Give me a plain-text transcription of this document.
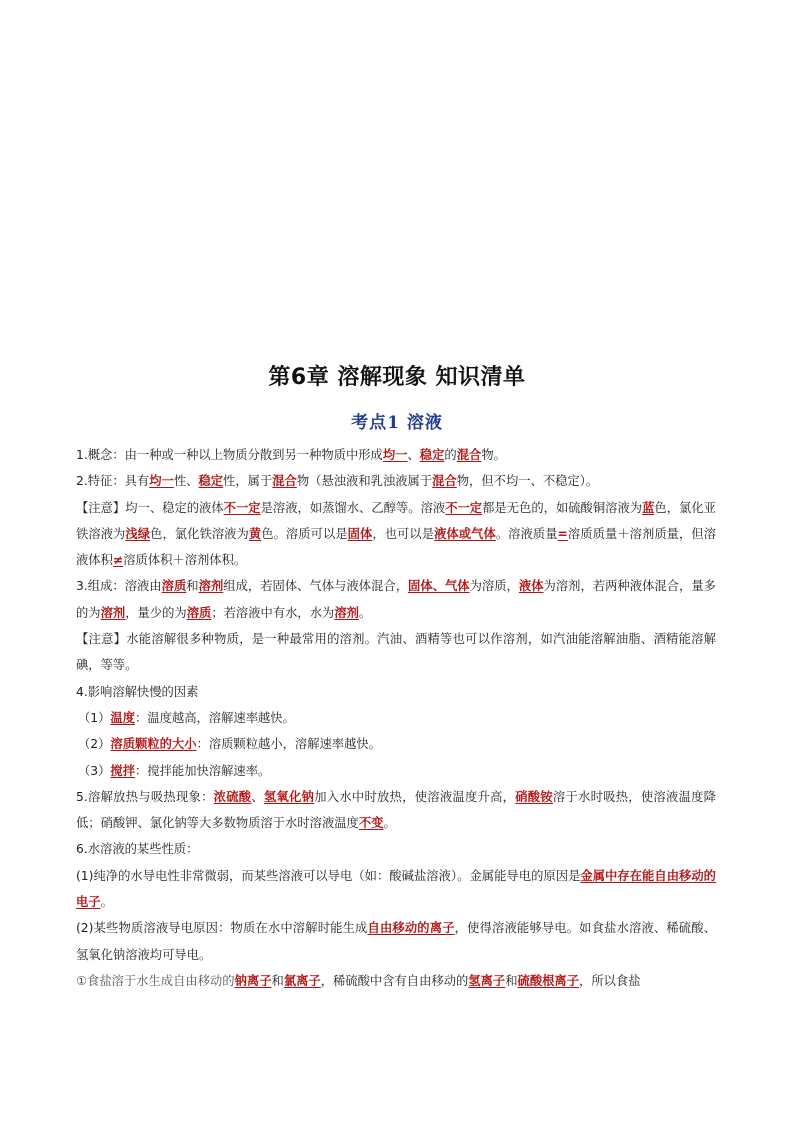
第6章 溶解现象 知识清单
考点1 溶液

1.概念：由一种或一种以上物质分散到另一种物质中形成均一、稳定的混合物。

2.特征：具有均一性、稳定性，属于混合物（悬浊液和乳浊液属于混合物，但不均一、不稳定）。

【注意】均一、稳定的液体不一定是溶液，如蒸馏水、乙醇等。溶液不一定都是无色的，如硫酸铜溶液为蓝色，氯化亚铁溶液为浅绿色，氯化铁溶液为黄色。溶质可以是固体，也可以是液体或气体。溶液质量=溶质质量＋溶剂质量，但溶液体积≠溶质体积＋溶剂体积。

3.组成：溶液由溶质和溶剂组成，若固体、气体与液体混合，固体、气体为溶质，液体为溶剂，若两种液体混合，量多的为溶剂，量少的为溶质；若溶液中有水，水为溶剂。

【注意】水能溶解很多种物质，是一种最常用的溶剂。汽油、酒精等也可以作溶剂，如汽油能溶解油脂、酒精能溶解碘，等等。

4.影响溶解快慢的因素

（1）温度：温度越高，溶解速率越快。

（2）溶质颗粒的大小：溶质颗粒越小，溶解速率越快。

（3）搅拌：搅拌能加快溶解速率。

5.溶解放热与吸热现象：浓硫酸、氢氧化钠加入水中时放热，使溶液温度升高，硝酸铵溶于水时吸热，使溶液温度降低；硝酸钾、氯化钠等大多数物质溶于水时溶液温度不变。

6.水溶液的某些性质：

(1)纯净的水导电性非常微弱，而某些溶液可以导电（如：酸碱盐溶液）。金属能导电的原因是金属中存在能自由移动的电子。

(2)某些物质溶液导电原因：物质在水中溶解时能生成自由移动的离子，使得溶液能够导电。如食盐水溶液、稀硫酸、氢氧化钠溶液均可导电。

①食盐溶于水生成自由移动的钠离子和氯离子，稀硫酸中含有自由移动的氢离子和硫酸根离子，所以食盐
